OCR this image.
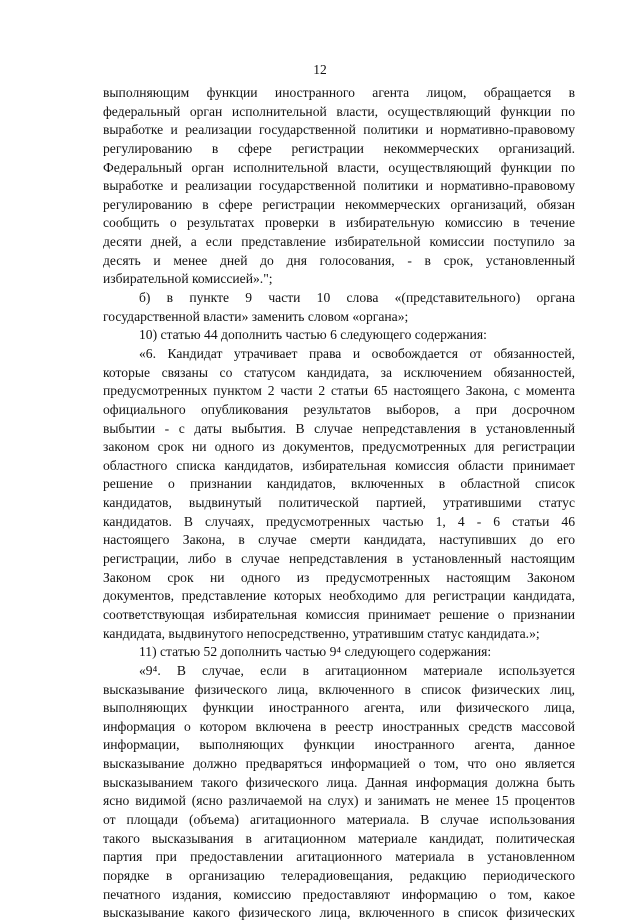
12
выполняющим функции иностранного агента лицом, обращается в
федеральный орган исполнительной власти, осуществляющий функции по
выработке и реализации государственной политики и нормативно-правовому
регулированию в сфере регистрации некоммерческих организаций.
Федеральный орган исполнительной власти, осуществляющий функции по
выработке и реализации государственной политики и нормативно-правовому
регулированию в сфере регистрации некоммерческих организаций, обязан
сообщить о результатах проверки в избирательную комиссию в течение
десяти дней, а если представление избирательной комиссии поступило за
десять и менее дней до дня голосования, - в срок, установленный
избирательной комиссией».";
б) в пункте 9 части 10 слова «(представительного) органа
государственной власти» заменить словом «органа»;
10) статью 44 дополнить частью 6 следующего содержания:
«6. Кандидат утрачивает права и освобождается от обязанностей,
которые связаны со статусом кандидата, за исключением обязанностей,
предусмотренных пунктом 2 части 2 статьи 65 настоящего Закона, с момента
официального опубликования результатов выборов, а при досрочном
выбытии - с даты выбытия. В случае непредставления в установленный
законом срок ни одного из документов, предусмотренных для регистрации
областного списка кандидатов, избирательная комиссия области принимает
решение о признании кандидатов, включенных в областной список
кандидатов, выдвинутый политической партией, утратившими статус
кандидатов. В случаях, предусмотренных частью 1, 4 - 6 статьи 46
настоящего Закона, в случае смерти кандидата, наступивших до его
регистрации, либо в случае непредставления в установленный настоящим
Законом срок ни одного из предусмотренных настоящим Законом
документов, представление которых необходимо для регистрации кандидата,
соответствующая избирательная комиссия принимает решение о признании
кандидата, выдвинутого непосредственно, утратившим статус кандидата.»;
11) статью 52 дополнить частью 9⁴ следующего содержания:
«9⁴. В случае, если в агитационном материале используется
высказывание физического лица, включенного в список физических лиц,
выполняющих функции иностранного агента, или физического лица,
информация о котором включена в реестр иностранных средств массовой
информации, выполняющих функции иностранного агента, данное
высказывание должно предваряться информацией о том, что оно является
высказыванием такого физического лица. Данная информация должна быть
ясно видимой (ясно различаемой на слух) и занимать не менее 15 процентов
от площади (объема) агитационного материала. В случае использования
такого высказывания в агитационном материале кандидат, политическая
партия при предоставлении агитационного материала в установленном
порядке в организацию телерадиовещания, редакцию периодического
печатного издания, комиссию предоставляют информацию о том, какое
высказывание какого физического лица, включенного в список физических
